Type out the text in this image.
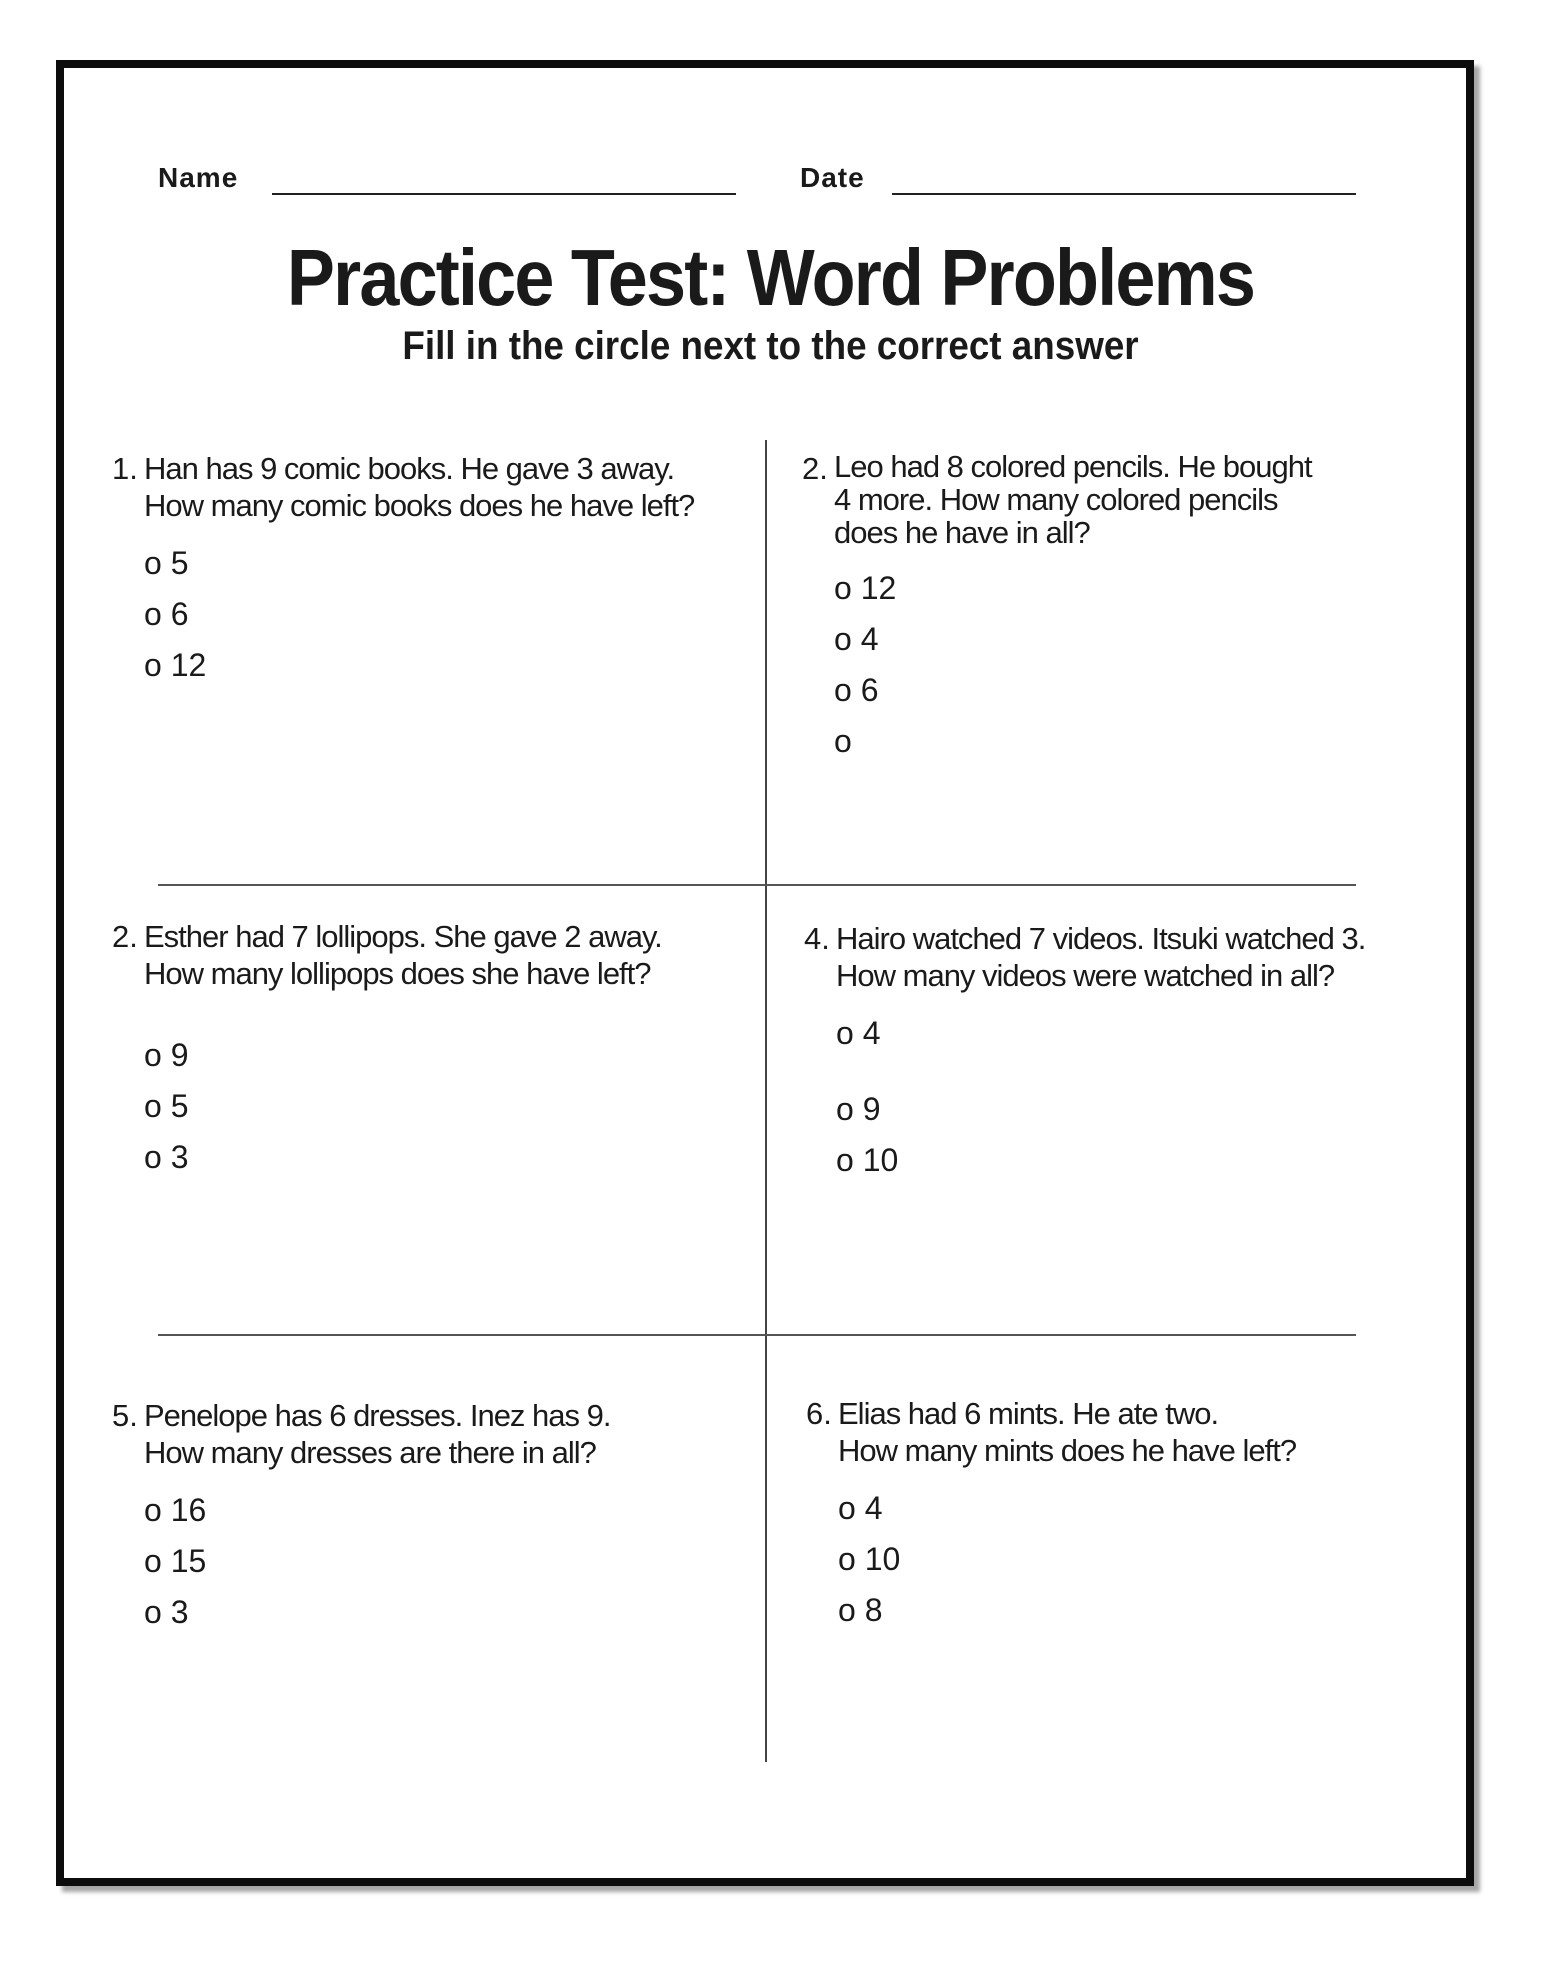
Name	Date
Practice Test: Word Problems
Fill in the circle next to the correct answer
1. Han has 9 comic books. He gave 3 away.
How many comic books does he have left?
o 5
o 6
o 12
2. Leo had 8 colored pencils. He bought
4 more. How many colored pencils
does he have in all?
o 12
o 4
o 6
o
2. Esther had 7 lollipops. She gave 2 away.
How many lollipops does she have left?
o 9
o 5
o 3
4. Hairo watched 7 videos. Itsuki watched 3.
How many videos were watched in all?
o 4
o 9
o 10
5. Penelope has 6 dresses. Inez has 9.
How many dresses are there in all?
o 16
o 15
o 3
6. Elias had 6 mints. He ate two.
How many mints does he have left?
o 4
o 10
o 8
